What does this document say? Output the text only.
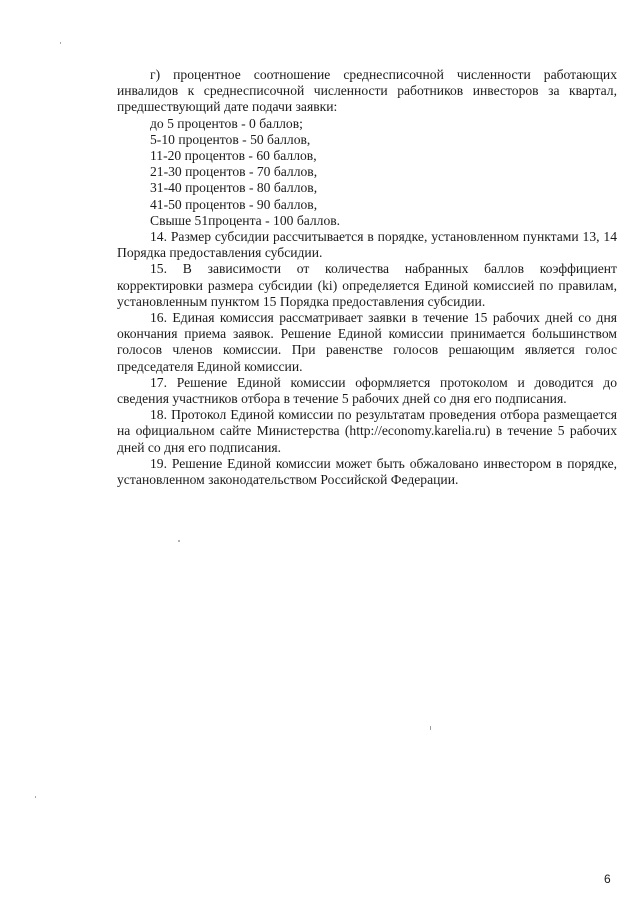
г) процентное соотношение среднесписочной численности работающих инвалидов к среднесписочной численности работников инвесторов за квартал, предшествующий дате подачи заявки:

до 5 процентов - 0 баллов;
5-10 процентов - 50 баллов,
11-20 процентов - 60 баллов,
21-30 процентов - 70 баллов,
31-40 процентов - 80 баллов,
41-50 процентов - 90 баллов,
Свыше 51процента - 100 баллов.

14. Размер субсидии рассчитывается в порядке, установленном пунктами 13, 14 Порядка предоставления субсидии.

15. В зависимости от количества набранных баллов коэффициент корректировки размера субсидии (ki) определяется Единой комиссией по правилам, установленным пунктом 15 Порядка предоставления субсидии.

16. Единая комиссия рассматривает заявки в течение 15 рабочих дней со дня окончания приема заявок. Решение Единой комиссии принимается большинством голосов членов комиссии. При равенстве голосов решающим является голос председателя Единой комиссии.

17. Решение Единой комиссии оформляется протоколом и доводится до сведения участников отбора в течение 5 рабочих дней со дня его подписания.

18. Протокол Единой комиссии по результатам проведения отбора размещается на официальном сайте Министерства (http://economy.karelia.ru) в течение 5 рабочих дней со дня его подписания.

19. Решение Единой комиссии может быть обжаловано инвестором в порядке, установленном законодательством Российской Федерации.

6
